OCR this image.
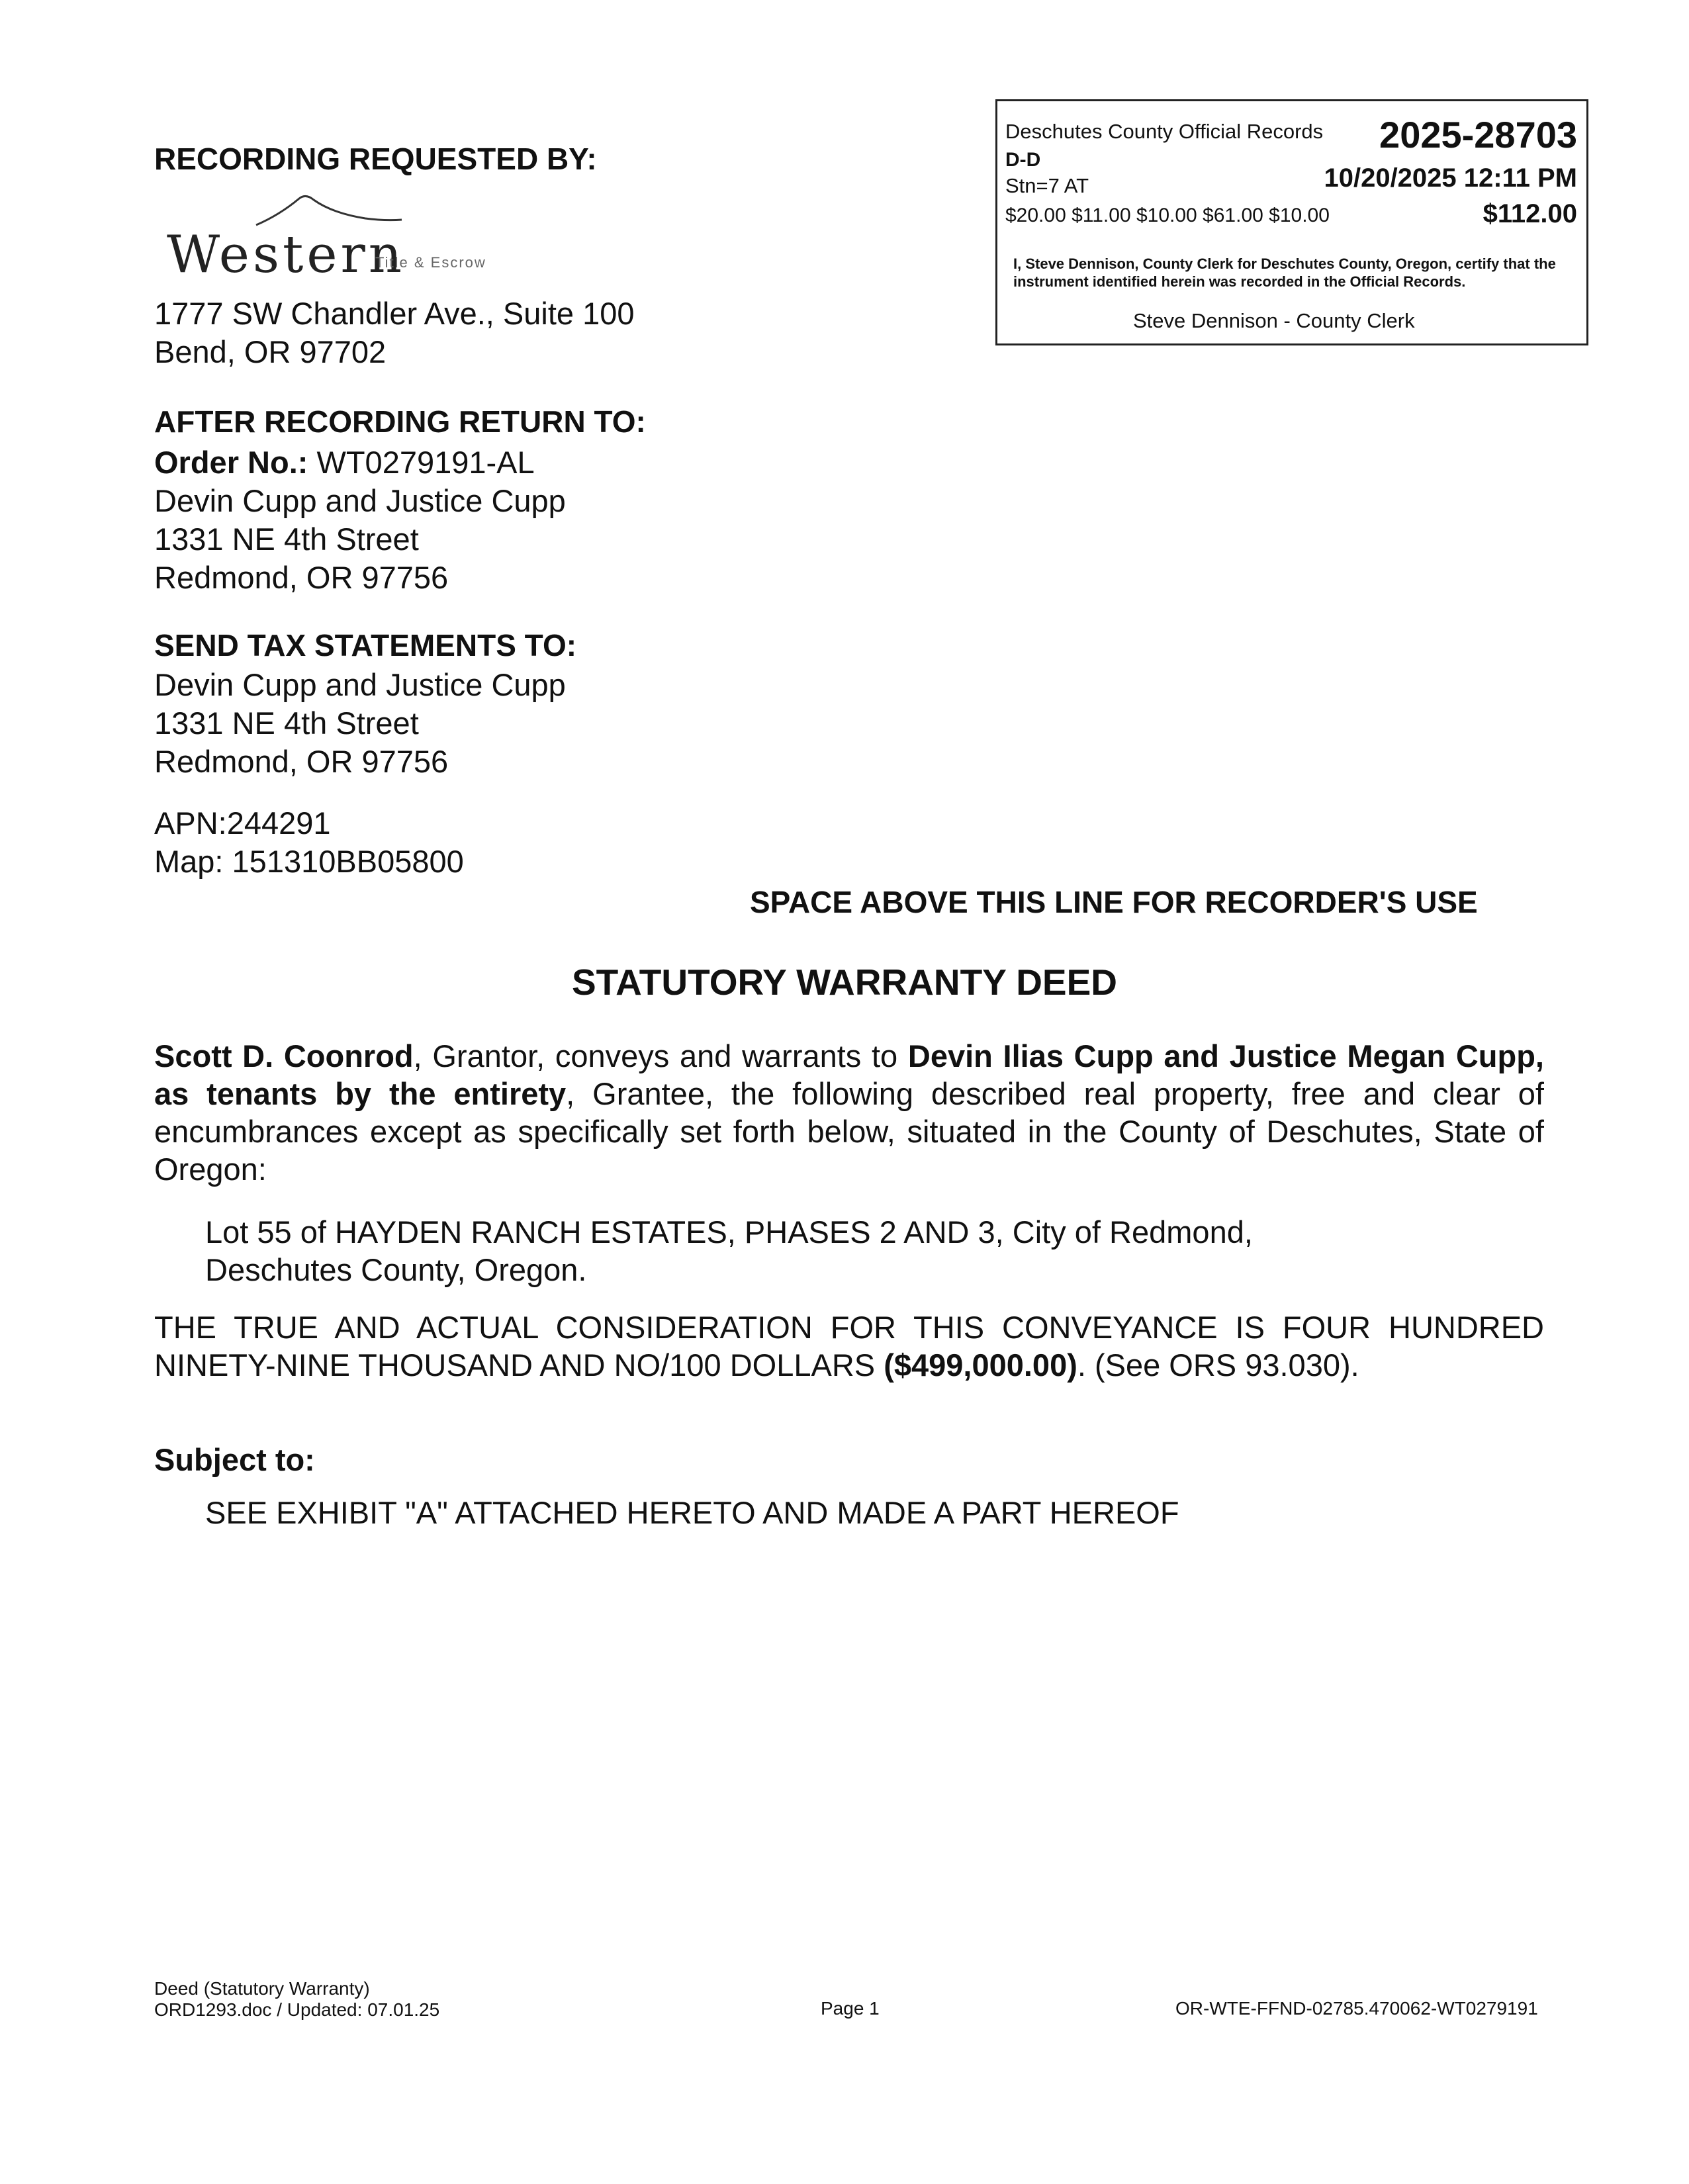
RECORDING REQUESTED BY:
Western
Title & Escrow
1777 SW Chandler Ave., Suite 100
Bend, OR 97702
AFTER RECORDING RETURN TO:
Order No.: WT0279191-AL
Devin Cupp and Justice Cupp
1331 NE 4th Street
Redmond, OR 97756
SEND TAX STATEMENTS TO:
Devin Cupp and Justice Cupp
1331 NE 4th Street
Redmond, OR 97756
APN:244291
Map: 151310BB05800
Deschutes County Official Records 2025-28703
D-D
Stn=7 AT	10/20/2025 12:11 PM
$20.00 $11.00 $10.00 $61.00 $10.00	$112.00
I, Steve Dennison, County Clerk for Deschutes County, Oregon, certify that the instrument identified herein was recorded in the Official Records.
Steve Dennison - County Clerk
SPACE ABOVE THIS LINE FOR RECORDER'S USE
STATUTORY WARRANTY DEED
Scott D. Coonrod, Grantor, conveys and warrants to Devin Ilias Cupp and Justice Megan Cupp, as tenants by the entirety, Grantee, the following described real property, free and clear of encumbrances except as specifically set forth below, situated in the County of Deschutes, State of Oregon:
Lot 55 of HAYDEN RANCH ESTATES, PHASES 2 AND 3, City of Redmond,
Deschutes County, Oregon.
THE TRUE AND ACTUAL CONSIDERATION FOR THIS CONVEYANCE IS FOUR HUNDRED NINETY-NINE THOUSAND AND NO/100 DOLLARS ($499,000.00). (See ORS 93.030).
Subject to:
SEE EXHIBIT "A" ATTACHED HERETO AND MADE A PART HEREOF
Deed (Statutory Warranty)
ORD1293.doc / Updated: 07.01.25	Page 1	OR-WTE-FFND-02785.470062-WT0279191
